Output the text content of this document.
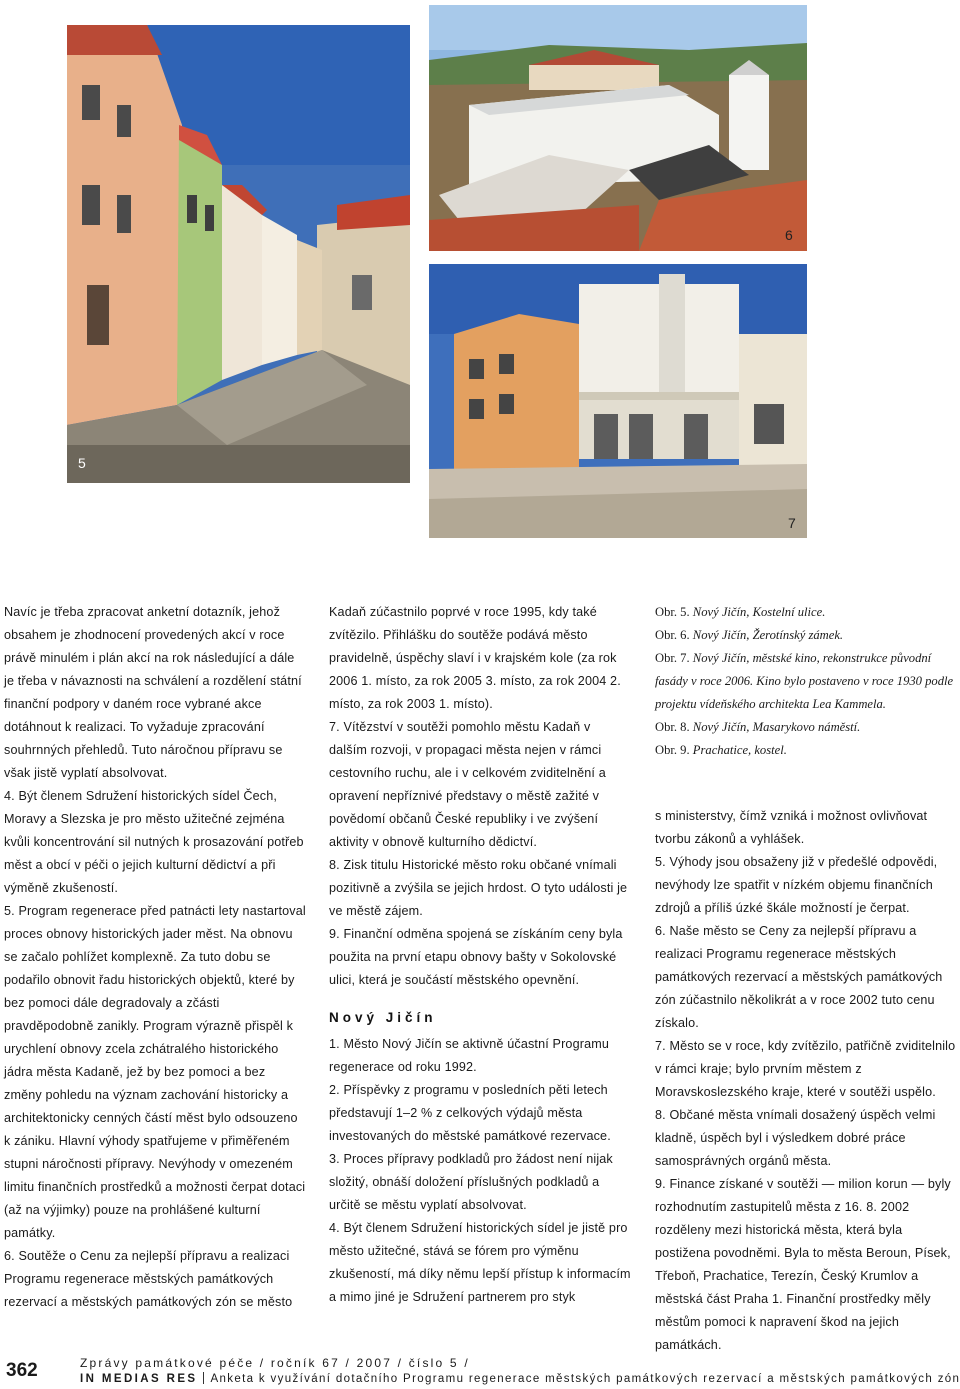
5
6
7

Navíc je třeba zpracovat anketní dotazník, jehož obsahem je zhodnocení provedených akcí v roce právě minulém i plán akcí na rok následující a dále je třeba v návaznosti na schválení a rozdělení státní finanční podpory v daném roce vybrané akce dotáhnout k realizaci. To vyžaduje zpracování souhrnných přehledů. Tuto náročnou přípravu se však jistě vyplatí absolvovat.

4. Být členem Sdružení historických sídel Čech, Moravy a Slezska je pro město užitečné zejména kvůli koncentrování sil nutných k prosazování potřeb měst a obcí v péči o jejich kulturní dědictví a při výměně zkušeností.

5. Program regenerace před patnácti lety nastartoval proces obnovy historických jader měst. Na obnovu se začalo pohlížet komplexně. Za tuto dobu se podařilo obnovit řadu historických objektů, které by bez pomoci dále degradovaly a zčásti pravděpodobně zanikly. Program výrazně přispěl k urychlení obnovy zcela zchátralého historického jádra města Kadaně, jež by bez pomoci a bez změny pohledu na význam zachování historicky a architektonicky cenných částí měst bylo odsouzeno k zániku. Hlavní výhody spatřujeme v přiměřeném stupni náročnosti přípravy. Nevýhody v omezeném limitu finančních prostředků a možnosti čerpat dotaci (až na výjimky) pouze na prohlášené kulturní památky.

6. Soutěže o Cenu za nejlepší přípravu a realizaci Programu regenerace městských památkových rezervací a městských památkových zón se město

Kadaň zúčastnilo poprvé v roce 1995, kdy také zvítězilo. Přihlášku do soutěže podává město pravidelně, úspěchy slaví i v krajském kole (za rok 2006 1. místo, za rok 2005 3. místo, za rok 2004 2. místo, za rok 2003 1. místo).

7. Vítězství v soutěži pomohlo městu Kadaň v dalším rozvoji, v propagaci města nejen v rámci cestovního ruchu, ale i v celkovém zviditelnění a opravení nepříznivé představy o městě zažité v povědomí občanů České republiky i ve zvýšení aktivity v obnově kulturního dědictví.

8. Zisk titulu Historické město roku občané vnímali pozitivně a zvýšila se jejich hrdost. O tyto události je ve městě zájem.

9. Finanční odměna spojená se získáním ceny byla použita na první etapu obnovy bašty v Sokolovské ulici, která je součástí městského opevnění.

Nový Jičín

1. Město Nový Jičín se aktivně účastní Programu regenerace od roku 1992.

2. Příspěvky z programu v posledních pěti letech představují 1–2 % z celkových výdajů města investovaných do městské památkové rezervace.

3. Proces přípravy podkladů pro žádost není nijak složitý, obnáší doložení příslušných podkladů a určitě se městu vyplatí absolvovat.

4. Být členem Sdružení historických sídel je jistě pro město užitečné, stává se fórem pro výměnu zkušeností, má díky němu lepší přístup k informacím a mimo jiné je Sdružení partnerem pro styk

Obr. 5. Nový Jičín, Kostelní ulice.

Obr. 6. Nový Jičín, Žerotínský zámek.

Obr. 7. Nový Jičín, městské kino, rekonstrukce původní fasády v roce 2006. Kino bylo postaveno v roce 1930 podle projektu vídeňského architekta Lea Kammela.

Obr. 8. Nový Jičín, Masarykovo náměstí.

Obr. 9. Prachatice, kostel.

s ministerstvy, čímž vzniká i možnost ovlivňovat tvorbu zákonů a vyhlášek.

5. Výhody jsou obsaženy již v předešlé odpovědi, nevýhody lze spatřit v nízkém objemu finančních zdrojů a příliš úzké škále možností je čerpat.

6. Naše město se Ceny za nejlepší přípravu a realizaci Programu regenerace městských památkových rezervací a městských památkových zón zúčastnilo několikrát a v roce 2002 tuto cenu získalo.

7. Město se v roce, kdy zvítězilo, patřičně zviditelnilo v rámci kraje; bylo prvním městem z Moravskoslezského kraje, které v soutěži uspělo.

8. Občané města vnímali dosažený úspěch velmi kladně, úspěch byl i výsledkem dobré práce samosprávných orgánů města.

9. Finance získané v soutěži — milion korun — byly rozhodnutím zastupitelů města z 16. 8. 2002 rozděleny mezi historická města, která byla postižena povodněmi. Byla to města Beroun, Písek, Třeboň, Prachatice, Terezín, Český Krumlov a městská část Praha 1. Finanční prostředky měly městům pomoci k napravení škod na jejich památkách.

362	Zprávy památkové péče / ročník 67 / 2007 / číslo 5 /
IN MEDIAS RES Anketa k využívání dotačního Programu regenerace městských památkových rezervací a městských památkových zón
